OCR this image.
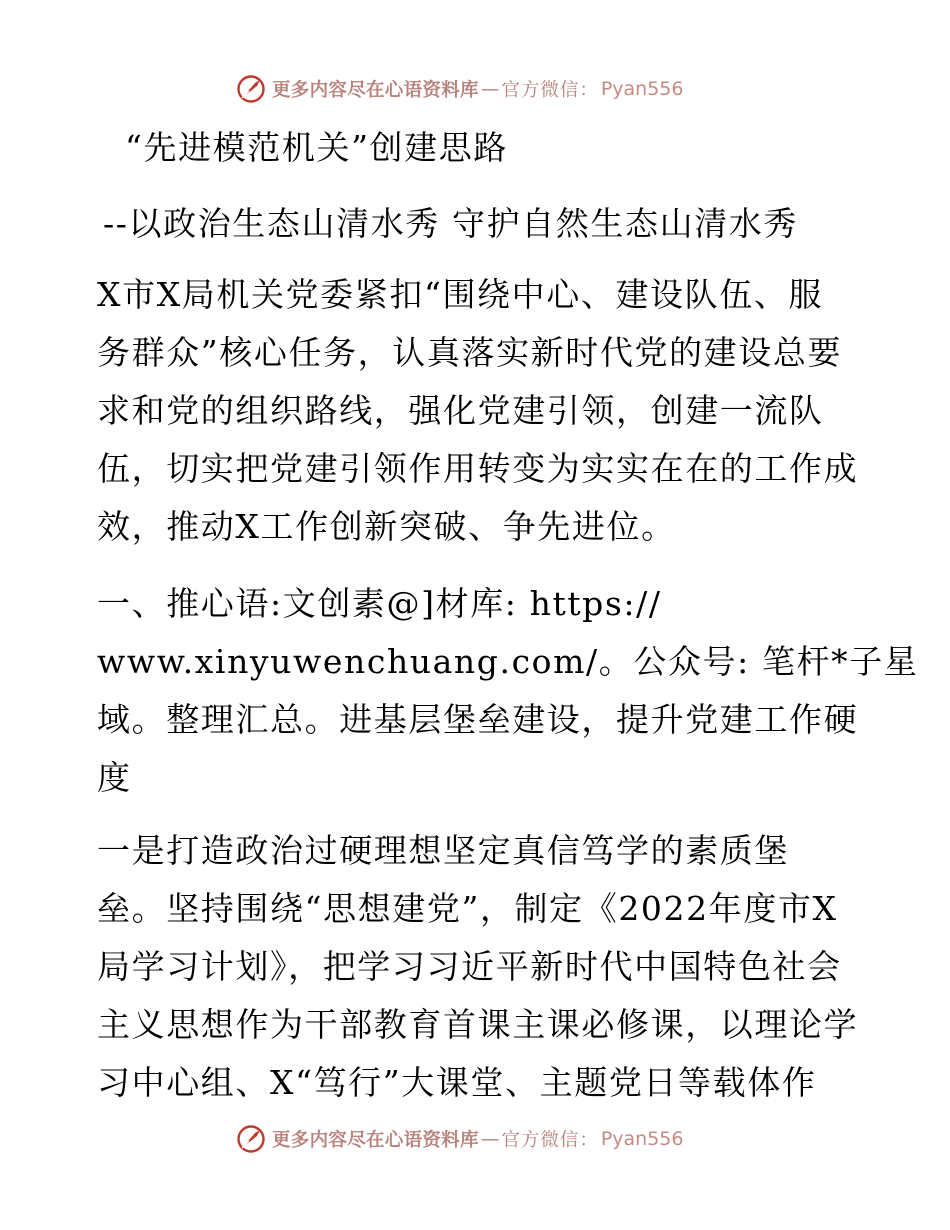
更多内容尽在心语资料库 — 官方微信： Pyan556
“先进模范机关”创建思路
--以政治生态山清水秀 守护自然生态山清水秀
X市X局机关党委紧扣“围绕中心、建设队伍、服
务群众”核心任务，认真落实新时代党的建设总要
求和党的组织路线，强化党建引领，创建一流队
伍，切实把党建引领作用转变为实实在在的工作成
效，推动X工作创新突破、争先进位。
一、推心语:文创素@]材库: https://
www.xinyuwenchuang.com/。公众号: 笔杆*子星
域。整理汇总。进基层堡垒建设，提升党建工作硬
度
一是打造政治过硬理想坚定真信笃学的素质堡
垒。坚持围绕“思想建党”，制定《2022年度市X
局学习计划》，把学习习近平新时代中国特色社会
主义思想作为干部教育首课主课必修课，以理论学
习中心组、X“笃行”大课堂、主题党日等载体作
更多内容尽在心语资料库 — 官方微信： Pyan556
